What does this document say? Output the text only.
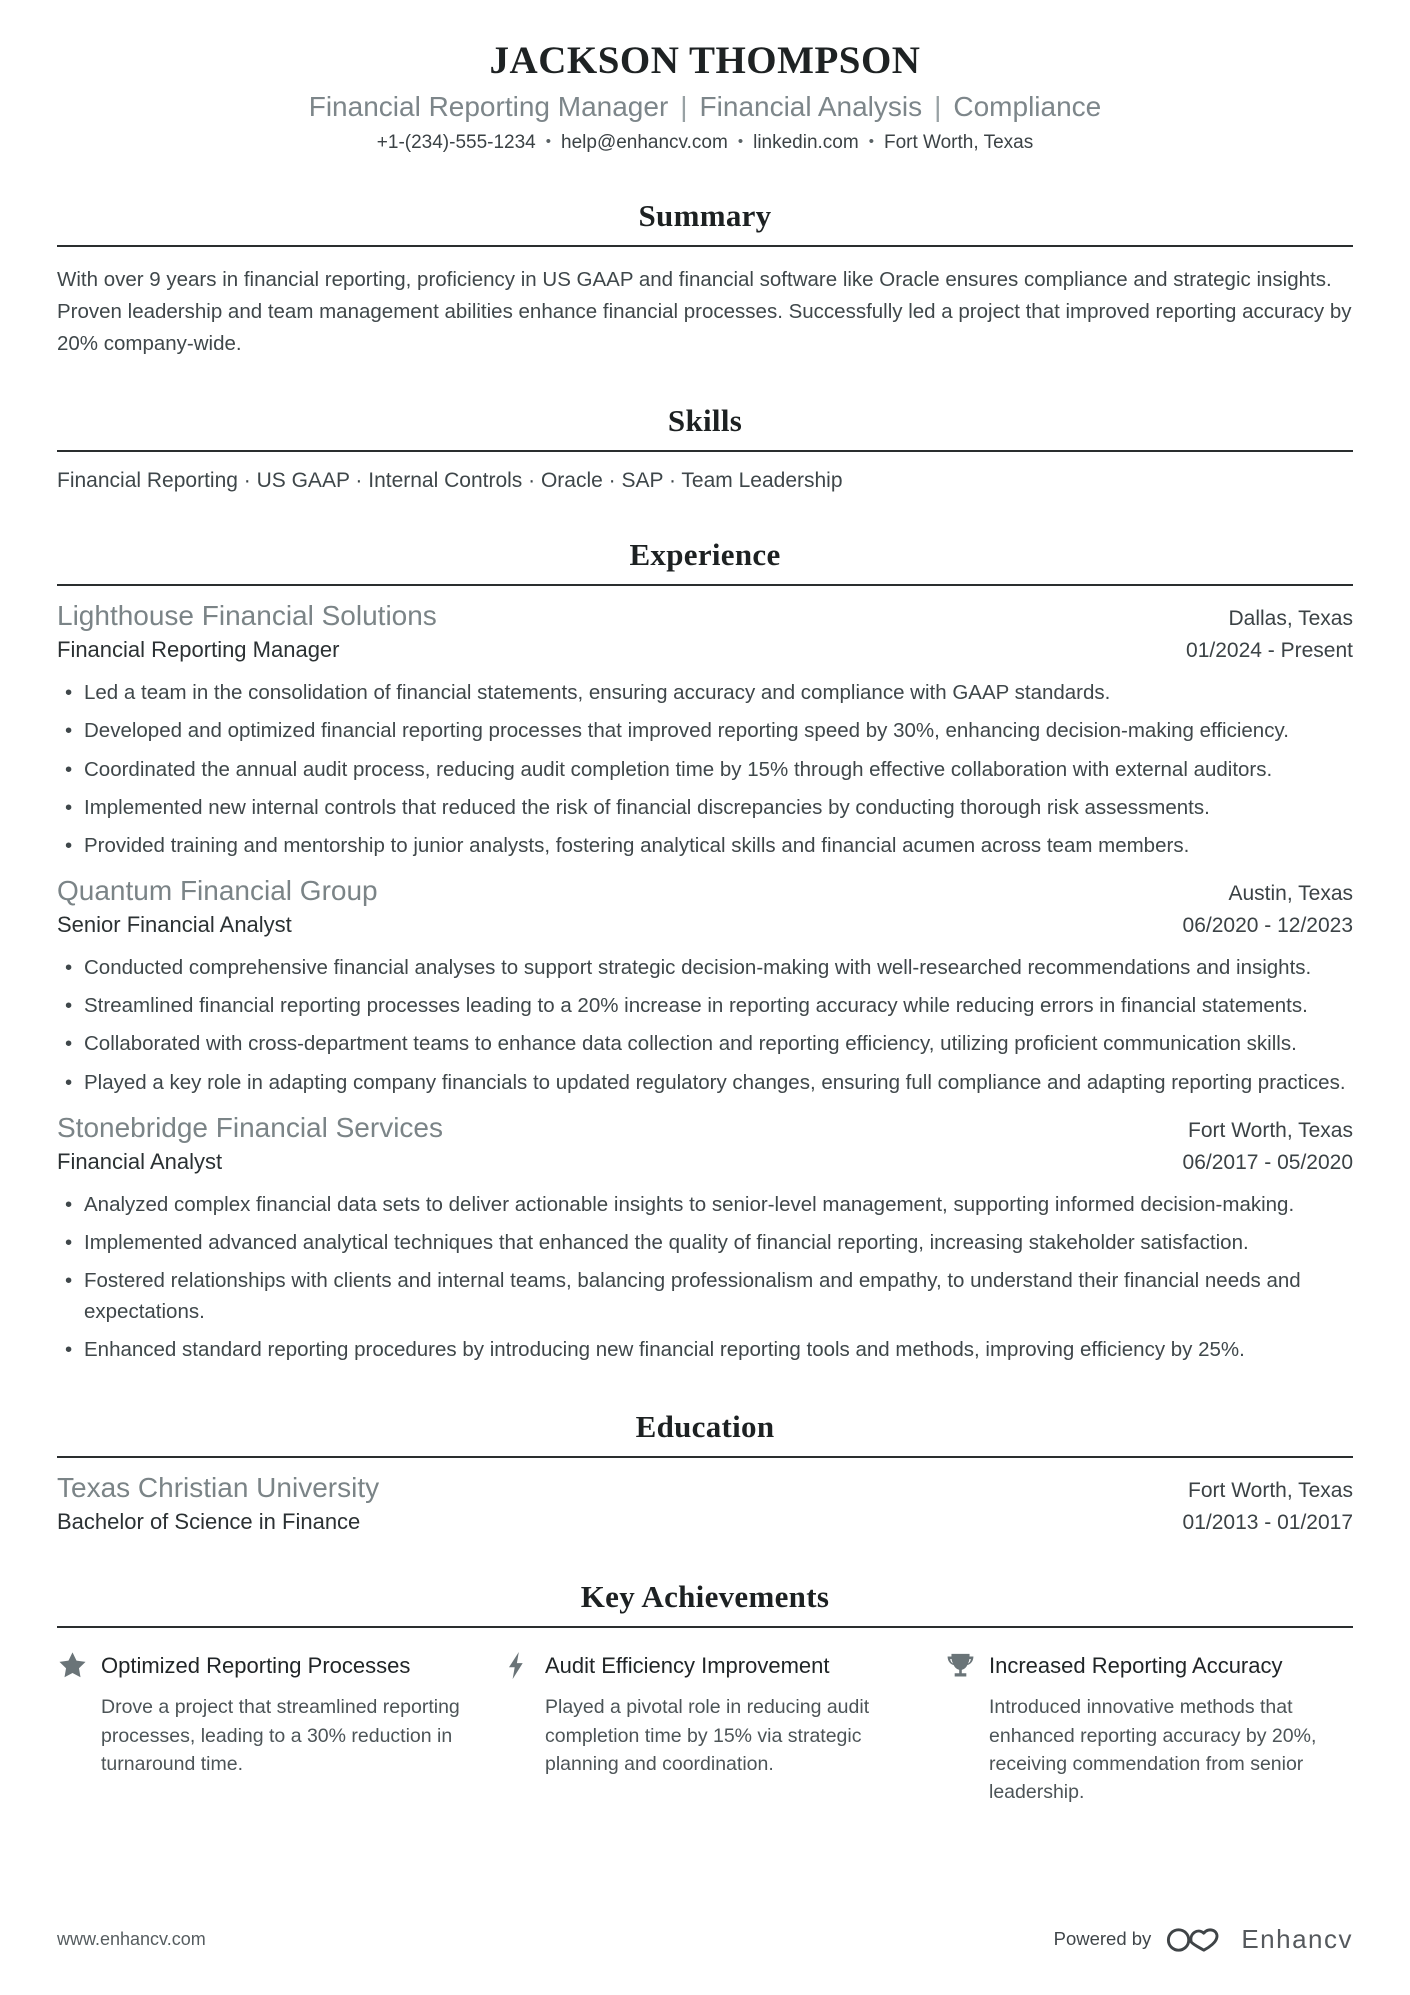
JACKSON THOMPSON
Financial Reporting Manager | Financial Analysis | Compliance
+1-(234)-555-1234 • help@enhancv.com • linkedin.com • Fort Worth, Texas
Summary

With over 9 years in financial reporting, proficiency in US GAAP and financial software like Oracle ensures compliance and strategic insights. Proven leadership and team management abilities enhance financial processes. Successfully led a project that improved reporting accuracy by 20% company-wide.

Skills

Financial Reporting · US GAAP · Internal Controls · Oracle · SAP · Team Leadership

Experience
Lighthouse Financial Solutions	Dallas, Texas
Financial Reporting Manager	01/2024 - Present
• Led a team in the consolidation of financial statements, ensuring accuracy and compliance with GAAP standards.
• Developed and optimized financial reporting processes that improved reporting speed by 30%, enhancing decision-making efficiency.
• Coordinated the annual audit process, reducing audit completion time by 15% through effective collaboration with external auditors.
• Implemented new internal controls that reduced the risk of financial discrepancies by conducting thorough risk assessments.
• Provided training and mentorship to junior analysts, fostering analytical skills and financial acumen across team members.
Quantum Financial Group	Austin, Texas
Senior Financial Analyst	06/2020 - 12/2023
• Conducted comprehensive financial analyses to support strategic decision-making with well-researched recommendations and insights.
• Streamlined financial reporting processes leading to a 20% increase in reporting accuracy while reducing errors in financial statements.
• Collaborated with cross-department teams to enhance data collection and reporting efficiency, utilizing proficient communication skills.
• Played a key role in adapting company financials to updated regulatory changes, ensuring full compliance and adapting reporting practices.
Stonebridge Financial Services	Fort Worth, Texas
Financial Analyst	06/2017 - 05/2020
• Analyzed complex financial data sets to deliver actionable insights to senior-level management, supporting informed decision-making.
• Implemented advanced analytical techniques that enhanced the quality of financial reporting, increasing stakeholder satisfaction.
• Fostered relationships with clients and internal teams, balancing professionalism and empathy, to understand their financial needs and expectations.
• Enhanced standard reporting procedures by introducing new financial reporting tools and methods, improving efficiency by 25%.
Education
Texas Christian University	Fort Worth, Texas
Bachelor of Science in Finance	01/2013 - 01/2017
Key Achievements
Optimized Reporting Processes

Drove a project that streamlined reporting processes, leading to a 30% reduction in turnaround time.

Audit Efficiency Improvement

Played a pivotal role in reducing audit completion time by 15% via strategic planning and coordination.

Increased Reporting Accuracy

Introduced innovative methods that enhanced reporting accuracy by 20%, receiving commendation from senior leadership.

www.enhancv.com	Powered by	Enhancv
